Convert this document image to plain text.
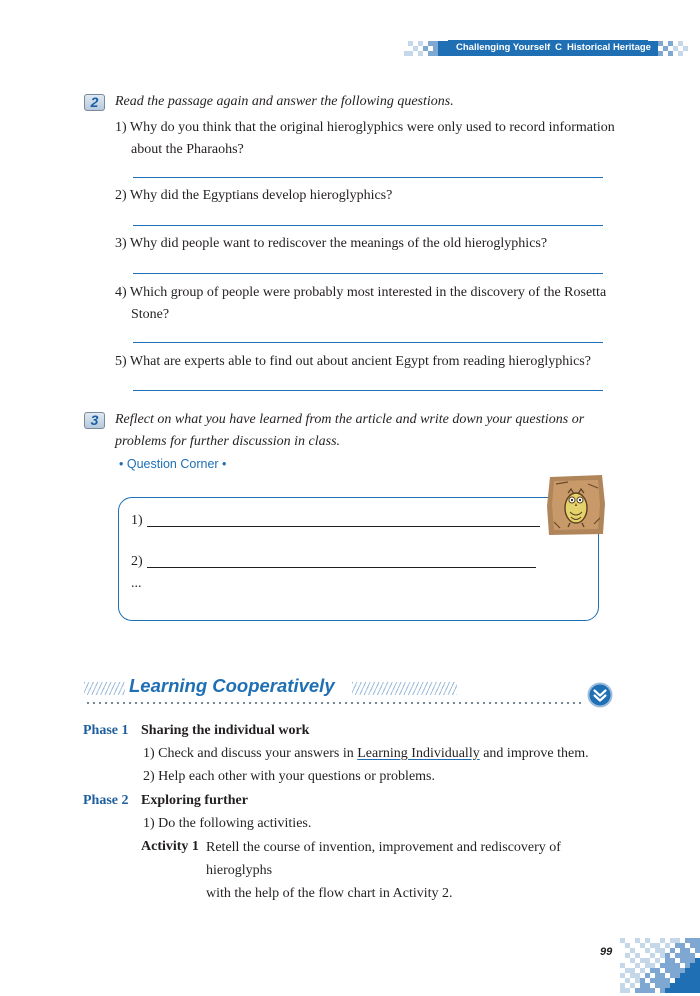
Challenging Yourself C Historical Heritage
2	Read the passage again and answer the following questions.
1) Why do you think that the original hieroglyphics were only used to record information
about the Pharaohs?
2) Why did the Egyptians develop hieroglyphics?
3) Why did people want to rediscover the meanings of the old hieroglyphics?
4) Which group of people were probably most interested in the discovery of the Rosetta
Stone?
5) What are experts able to find out about ancient Egypt from reading hieroglyphics?
3	Reflect on what you have learned from the article and write down your questions or
problems for further discussion in class.
• Question Corner •
1)
2)
...
Learning Cooperatively
Phase 1 Sharing the individual work
1) Check and discuss your answers in Learning Individually and improve them.
2) Help each other with your questions or problems.
Phase 2 Exploring further
1) Do the following activities.
Activity 1 Retell the course of invention, improvement and rediscovery of hieroglyphs
with the help of the flow chart in Activity 2.
99
